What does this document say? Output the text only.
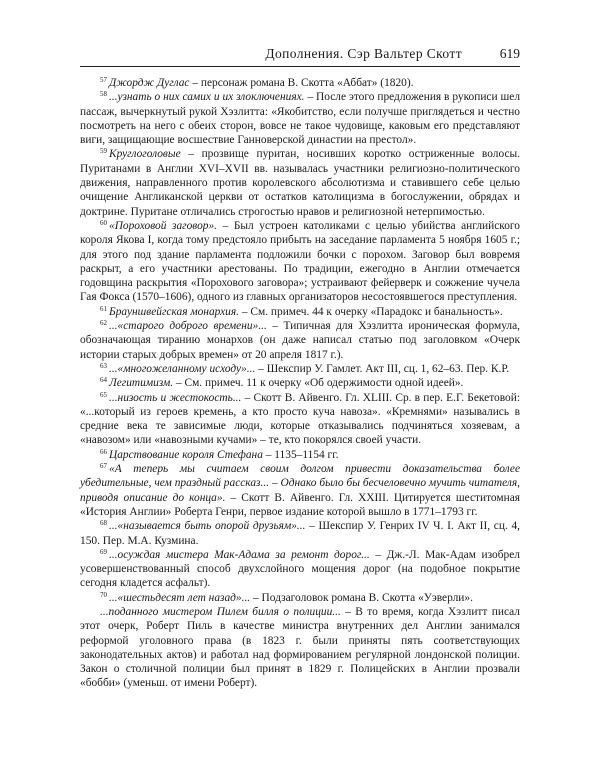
Дополнения. Сэр Вальтер Скотт	619

$^{57}$ Джордж Дуглас – персонаж романа В. Скотта «Аббат» (1820).

$^{58}$ ...узнать о них самих и их злоключениях. – После этого предложения в рукописи шел пассаж, вычеркнутый рукой Хэзлитта: «Якобитство, если получше приглядеться и честно посмотреть на него с обеих сторон, вовсе не такое чудовище, каковым его представляют виги, защищающие восшествие Ганноверской династии на престол».

$^{59}$ Круглоголовые – прозвище пуритан, носивших коротко остриженные волосы. Пуританами в Англии XVI–XVII вв. называлась участники религиозно-политического движения, направленного против королевского абсолютизма и ставившего себе целью очищение Англиканской церкви от остатков католицизма в богослужении, обрядах и доктрине. Пуритане отличались строгостью нравов и религиозной нетерпимостью.

$^{60}$ «Пороховой заговор». – Был устроен католиками с целью убийства английского короля Якова I, когда тому предстояло прибыть на заседание парламента 5 ноября 1605 г.; для этого под здание парламента подложили бочки с порохом. Заговор был вовремя раскрыт, а его участники арестованы. По традиции, ежегодно в Англии отмечается годовщина раскрытия «Порохового заговора»; устраивают фейерверк и сожжение чучела Гая Фокса (1570–1606), одного из главных организаторов несостоявшегося преступления.

$^{61}$ Брауншвейгская монархия. – См. примеч. 44 к очерку «Парадокс и банальность».

$^{62}$ ...«старого доброго времени»... – Типичная для Хэзлитта ироническая формула, обозначающая тиранию монархов (он даже написал статью под заголовком «Очерк истории старых добрых времен» от 20 апреля 1817 г.).

$^{63}$ ...«многожеланному исходу»... – Шекспир У. Гамлет. Акт III, сц. 1, 62–63. Пер. К.Р.

$^{64}$ Легитимизм. – См. примеч. 11 к очерку «Об одержимости одной идеей».

$^{65}$ ...низость и жестокость... – Скотт В. Айвенго. Гл. XLIII. Ср. в пер. Е.Г. Бекетовой: «...который из героев кремень, а кто просто куча навоза». «Кремнями» назывались в средние века те зависимые люди, которые отказывались подчиняться хозяевам, а «навозом» или «навозными кучами» – те, кто покорялся своей участи.

$^{66}$ Царствование короля Стефана – 1135–1154 гг.

$^{67}$ «А теперь мы считаем своим долгом привести доказательства более убедительные, чем праздный рассказ... – Однако было бы бесчеловечно мучить читателя, приводя описание до конца». – Скотт В. Айвенго. Гл. XXIII. Цитируется шеститомная «История Англии» Роберта Генри, первое издание которой вышло в 1771–1793 гг.

$^{68}$ ...«называется быть опорой друзьям»... – Шекспир У. Генрих IV Ч. I. Акт II, сц. 4, 150. Пер. М.А. Кузмина.

$^{69}$ ...осуждая мистера Мак-Адама за ремонт дорог... – Дж.-Л. Мак-Адам изобрел усовершенствованный способ двухслойного мощения дорог (на подобное покрытие сегодня кладется асфальт).

$^{70}$ ...«шестьдесят лет назад»... – Подзаголовок романа В. Скотта «Уэверли».

...поданного мистером Пилем билля о полиции... – В то время, когда Хэзлитт писал этот очерк, Роберт Пиль в качестве министра внутренних дел Англии занимался реформой уголовного права (в 1823 г. были приняты пять соответствующих законодательных актов) и работал над формированием регулярной лондонской полиции. Закон о столичной полиции был принят в 1829 г. Полицейских в Англии прозвали «бобби» (уменьш. от имени Роберт).
